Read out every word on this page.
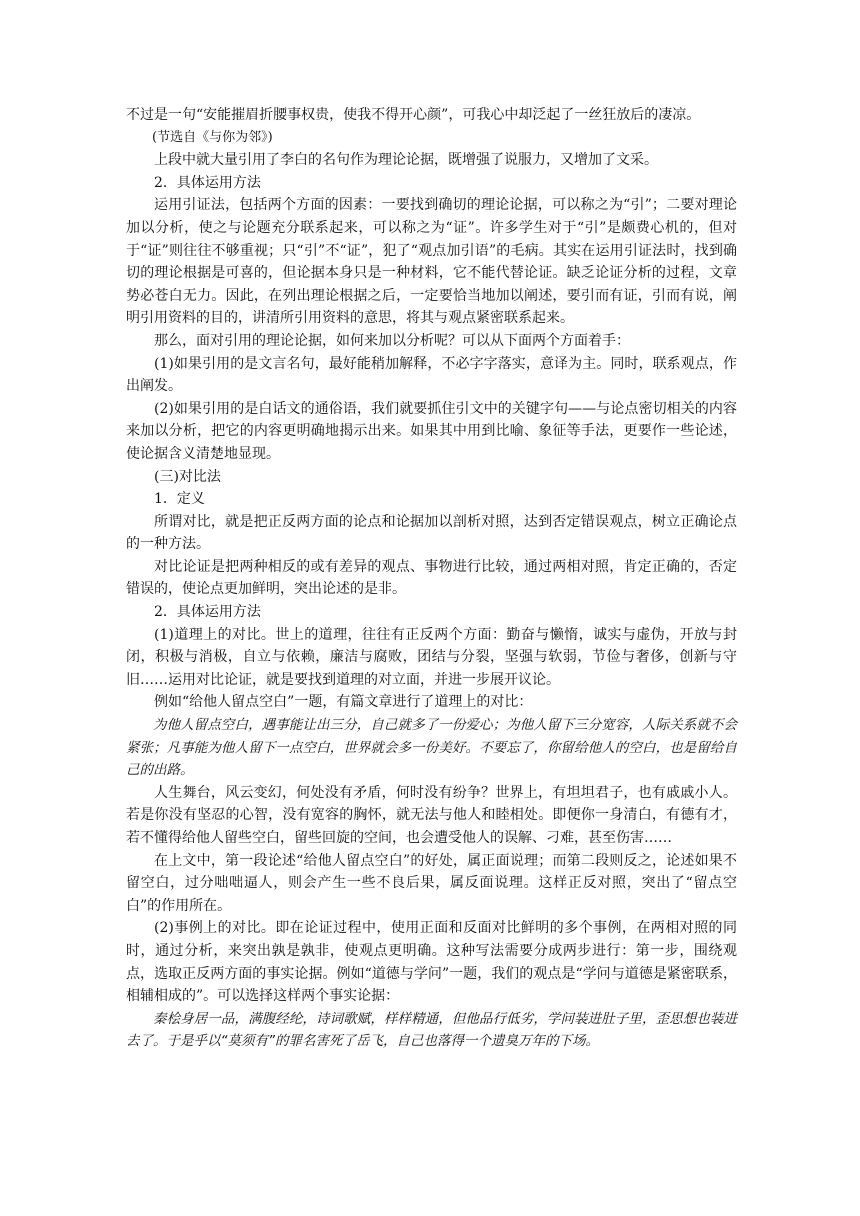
不过是一句“安能摧眉折腰事权贵，使我不得开心颜”，可我心中却泛起了一丝狂放后的凄凉。

(节选自《与你为邻》)

上段中就大量引用了李白的名句作为理论论据，既增强了说服力，又增加了文采。

2．具体运用方法

运用引证法，包括两个方面的因素：一要找到确切的理论论据，可以称之为“引”；二要对理论加以分析，使之与论题充分联系起来，可以称之为“证”。许多学生对于“引”是颇费心机的，但对于“证”则往往不够重视；只“引”不“证”，犯了“观点加引语”的毛病。其实在运用引证法时，找到确切的理论根据是可喜的，但论据本身只是一种材料，它不能代替论证。缺乏论证分析的过程，文章势必苍白无力。因此，在列出理论根据之后，一定要恰当地加以阐述，要引而有证，引而有说，阐明引用资料的目的，讲清所引用资料的意思，将其与观点紧密联系起来。

那么，面对引用的理论论据，如何来加以分析呢？可以从下面两个方面着手：

(1)如果引用的是文言名句，最好能稍加解释，不必字字落实，意译为主。同时，联系观点，作出阐发。

(2)如果引用的是白话文的通俗语，我们就要抓住引文中的关键字句——与论点密切相关的内容来加以分析，把它的内容更明确地揭示出来。如果其中用到比喻、象征等手法，更要作一些论述，使论据含义清楚地显现。

(三)对比法

1．定义

所谓对比，就是把正反两方面的论点和论据加以剖析对照，达到否定错误观点，树立正确论点的一种方法。

对比论证是把两种相反的或有差异的观点、事物进行比较，通过两相对照，肯定正确的，否定错误的，使论点更加鲜明，突出论述的是非。

2．具体运用方法

(1)道理上的对比。世上的道理，往往有正反两个方面：勤奋与懒惰，诚实与虚伪，开放与封闭，积极与消极，自立与依赖，廉洁与腐败，团结与分裂，坚强与软弱，节俭与奢侈，创新与守旧……运用对比论证，就是要找到道理的对立面，并进一步展开议论。

例如“给他人留点空白”一题，有篇文章进行了道理上的对比：

为他人留点空白，遇事能让出三分，自己就多了一份爱心；为他人留下三分宽容，人际关系就不会紧张；凡事能为他人留下一点空白，世界就会多一份美好。不要忘了，你留给他人的空白，也是留给自己的出路。

人生舞台，风云变幻，何处没有矛盾，何时没有纷争？世界上，有坦坦君子，也有戚戚小人。若是你没有坚忍的心智，没有宽容的胸怀，就无法与他人和睦相处。即便你一身清白，有德有才，若不懂得给他人留些空白，留些回旋的空间，也会遭受他人的误解、刁难，甚至伤害……

在上文中，第一段论述“给他人留点空白”的好处，属正面说理；而第二段则反之，论述如果不留空白，过分咄咄逼人，则会产生一些不良后果，属反面说理。这样正反对照，突出了“留点空白”的作用所在。

(2)事例上的对比。即在论证过程中，使用正面和反面对比鲜明的多个事例，在两相对照的同时，通过分析，来突出孰是孰非，使观点更明确。这种写法需要分成两步进行：第一步，围绕观点，选取正反两方面的事实论据。例如“道德与学问”一题，我们的观点是“学问与道德是紧密联系，相辅相成的”。可以选择这样两个事实论据：

秦桧身居一品，满腹经纶，诗词歌赋，样样精通，但他品行低劣，学问装进肚子里，歪思想也装进去了。于是乎以“莫须有”的罪名害死了岳飞，自己也落得一个遗臭万年的下场。
